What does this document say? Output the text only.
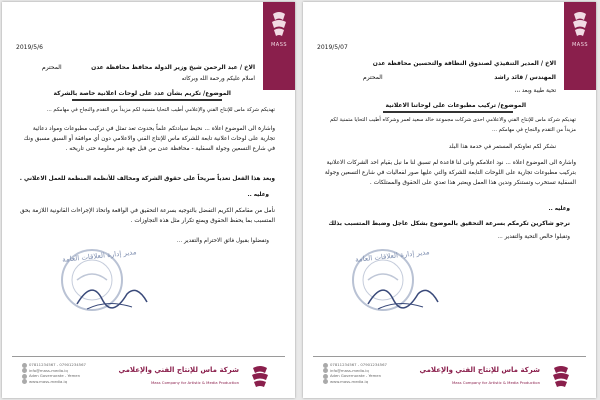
MASS
2019/5/6
الاخ / عبد الرحمن شيخ وزير الدولة محافظ محافظة عدن
المحترم
اسلام عليكم ورحمة الله وبركاته
الموضوع/ تكريم بشأن عدد على لوحات اعلانية خاصة بالشركة
تهديكم شركة ماس للإنتاج الفني والإعلامي أطيب التحايا متمنية لكم مزيداً من التقدم والنجاح في مهامكم ...
واشارة الى الموضوع اعلاه ... نحيط سيادتكم علماً بحدوث تعد تمثل في تركيب مطبوعات ومواد دعائية تجارية على لوحات اعلانية تابعة للشركة ماس للإنتاج الفني والاعلامي دون أي موافقة أو السبق مسبق ونك في شارع التسعين وجولة السفلية - محافظة عدن من قبل جهة غير معلومة حتى تاريخه .
ويعد هذا الفعل تعدياً صريحاً على حقوق الشركة ومخالف للأنظمة المنظمة للعمل الاعلاني .
وعليه ..
نأمل من مقامكم الكريم التفضل بالتوجيه بسرعة التحقيق في الواقعة واتخاذ الإجراءات القانونية اللازمة بحق المتسبب بما يحفظ الحقوق ويمنع تكرار مثل هذه التجاوزات .
وتفضلوا بقبول فائق الاحترام والتقدير ...
مدير إدارة العلاقات العامة
07811234567 - 07901234567
info@mass-media.iq
Aden Governorate - Yemen
www.mass-media.iq
شركة ماس للإنتاج الفني والإعلامي
Mass Company for Artistic & Media Production
MASS
2019/5/07
الاخ / المدير التنفيذي لصندوق النظافة والتحسين محافظة عدن
المهندس / قائد راشد
المحترم
تحية طيبة وبعد ،،،
الموضوع/ تركيب مطبوعات على لوحاتنا الاعلانية
تهديكم شركة ماس للإنتاج الفني والاعلامي احدى شركات مجموعة خالد سعيد لعمر وشركاه أطيب التحايا متمنية لكم مزيداً من التقدم والنجاح في مهامكم ...
نشكر لكم تعاونكم المستمر في خدمة هذا البلد
واشارة الى الموضوع اعلاه ... نود اعلامكم وانى لنا قاعدة لم تسبق لنا ما نبل بقيام احد الشركات الاعلانية بتركيب مطبوعات تجارية على اللوحات التابعة للشركة والتي عليها صور لفعاليات في شارع التسعين وجولة السفلية تستخرب وتستنكر وندين هذا العمل ويعتبر هذا تعدي على الحقوق والممتلكات .
وعليه ..
نرجو شاكرين تكرمكم بسرعة التحقيق بالموضوع بشكل عاجل وضبط المتسبب بذلك
وتقبلوا خالص التحية والتقدير ...
مدير إدارة العلاقات العامة
07811234567 - 07901234567
info@mass-media.iq
Aden Governorate - Yemen
www.mass-media.iq
شركة ماس للإنتاج الفني والإعلامي
Mass Company for Artistic & Media Production
